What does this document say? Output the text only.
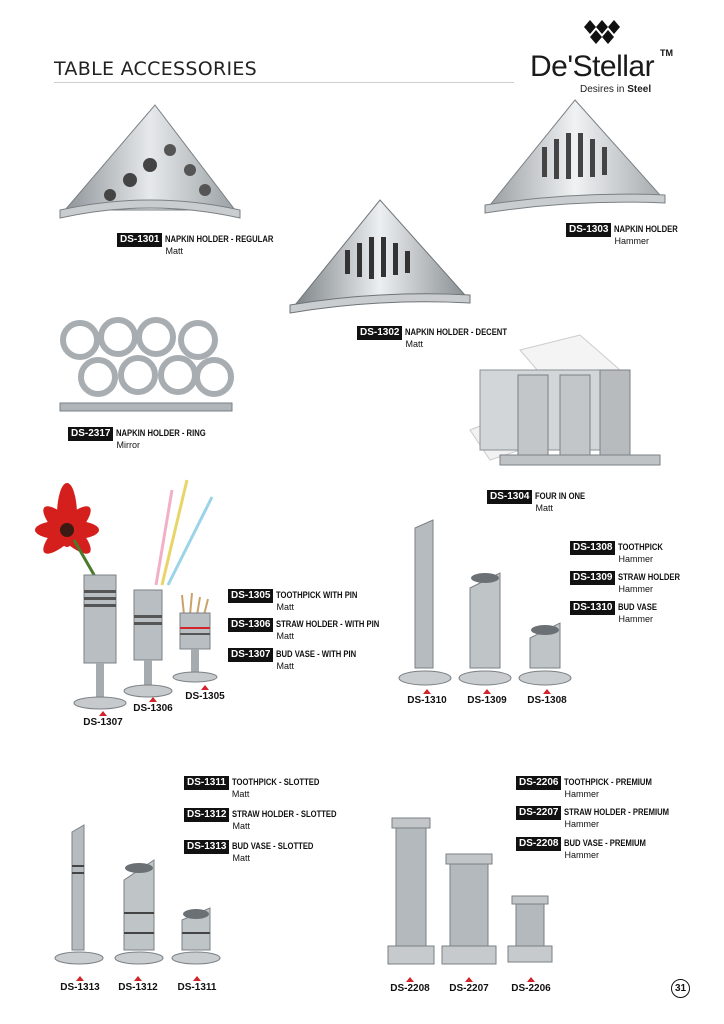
TABLE ACCESSORIES	De'Stellar TM
Desires in Steel
DS-1301 NAPKIN HOLDER - REGULAR
Matt
DS-1302 NAPKIN HOLDER - DECENT
Matt
DS-1303 NAPKIN HOLDER
Hammer
DS-2317 NAPKIN HOLDER - RING
Mirror
DS-1304 FOUR IN ONE
Matt
DS-1305 TOOTHPICK WITH PIN
Matt
DS-1306 STRAW HOLDER - WITH PIN
Matt
DS-1307 BUD VASE - WITH PIN
Matt
DS-1308 TOOTHPICK
Hammer
DS-1309 STRAW HOLDER
Hammer
DS-1310 BUD VASE
Hammer
DS-1311 TOOTHPICK - SLOTTED
Matt
DS-1312 STRAW HOLDER - SLOTTED
Matt
DS-1313 BUD VASE - SLOTTED
Matt
DS-2206 TOOTHPICK - PREMIUM
Hammer
DS-2207 STRAW HOLDER - PREMIUM
Hammer
DS-2208 BUD VASE - PREMIUM
Hammer
DS-1307
DS-1306
DS-1305	DS-1310	DS-1309	DS-1308
DS-1313	DS-1312	DS-1311	DS-2208	DS-2207	DS-2206	31
